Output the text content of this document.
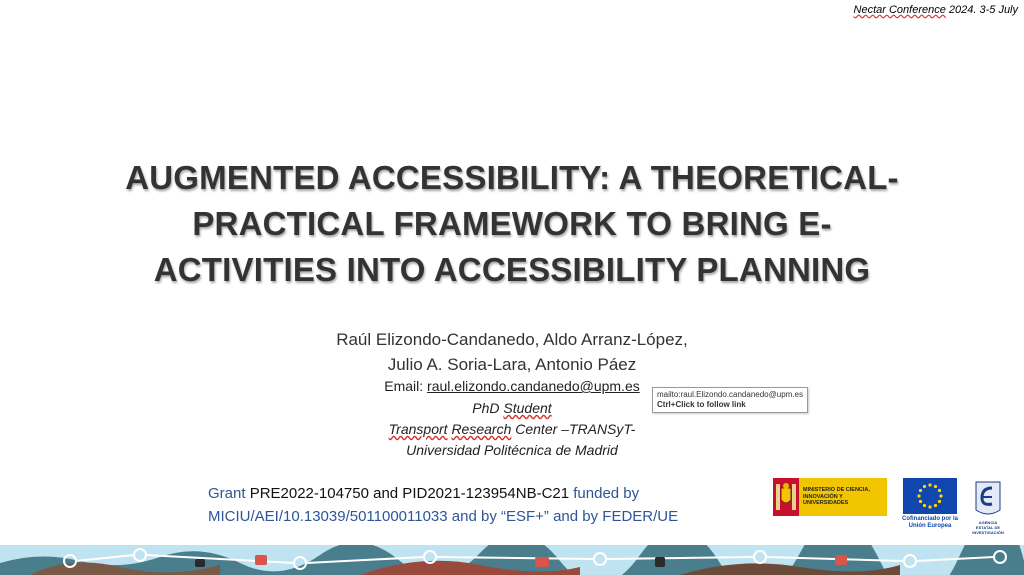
Nectar Conference 2024. 3-5 July
AUGMENTED ACCESSIBILITY: A THEORETICAL-
PRACTICAL FRAMEWORK TO BRING E-
ACTIVITIES INTO ACCESSIBILITY PLANNING
Raúl Elizondo-Candanedo, Aldo Arranz-López,
Julio A. Soria-Lara, Antonio Páez
Email: raul.elizondo.candanedo@upm.es
PhD Student
Transport Research Center –TRANSyT-
Universidad Politécnica de Madrid
mailto:raul.Elizondo.candanedo@upm.es
Ctrl+Click to follow link
Grant PRE2022-104750 and PID2021-123954NB-C21 funded by
MICIU/AEI/10.13039/501100011033 and by “ESF+” and by FEDER/UE
MINISTERIO DE CIENCIA, INNOVACIÓN Y UNIVERSIDADES
Cofinanciado por la Unión Europea
AGENCIA ESTATAL DE INVESTIGACIÓN
